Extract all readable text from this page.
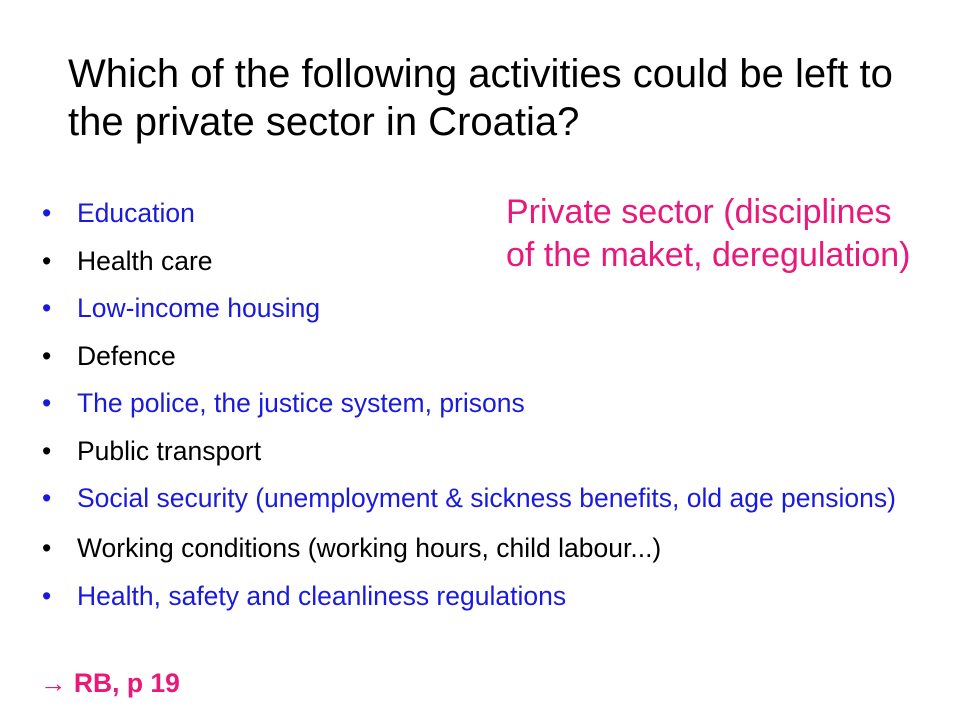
Which of the following activities could be left to the private sector in Croatia?
Private sector (disciplines of the maket, deregulation)
• Education
• Health care
• Low-income housing
• Defence
• The police, the justice system, prisons
• Public transport
• Social security (unemployment & sickness benefits, old age pensions)
• Working conditions (working hours, child labour...)
• Health, safety and cleanliness regulations
→ RB, p 19
